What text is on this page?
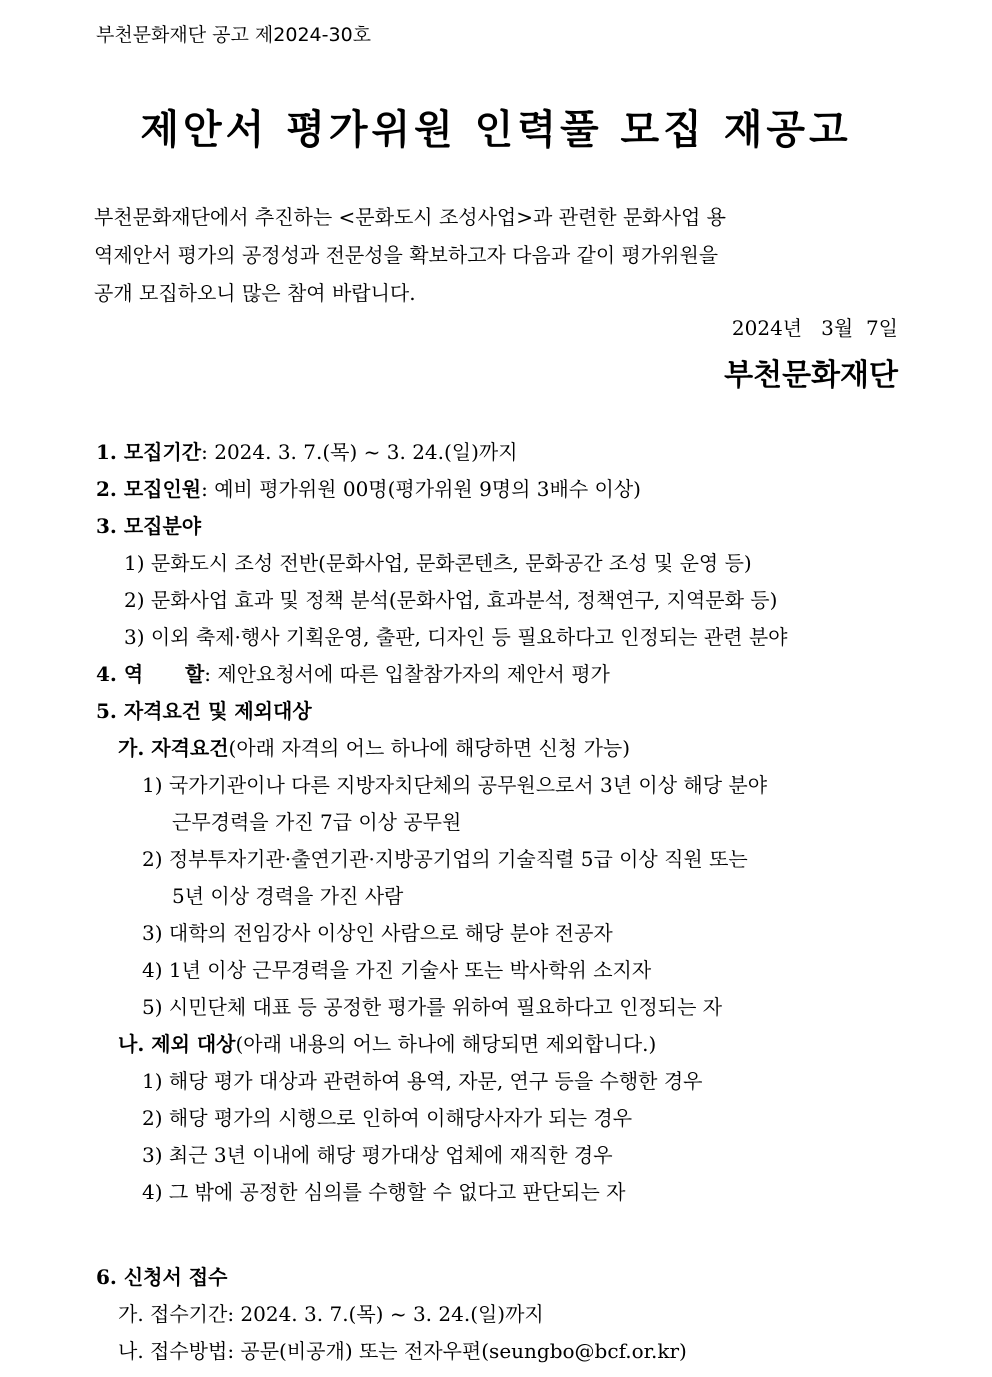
부천문화재단 공고 제2024-30호
제안서 평가위원 인력풀 모집 재공고
부천문화재단에서 추진하는 <문화도시 조성사업>과 관련한 문화사업 용
역제안서 평가의 공정성과 전문성을 확보하고자 다음과 같이 평가위원을
공개 모집하오니 많은 참여 바랍니다.
2024년   3월  7일
부천문화재단
1. 모집기간: 2024. 3. 7.(목) ~ 3. 24.(일)까지
2. 모집인원: 예비 평가위원 00명(평가위원 9명의 3배수 이상)
3. 모집분야
1) 문화도시 조성 전반(문화사업, 문화콘텐츠, 문화공간 조성 및 운영 등)
2) 문화사업 효과 및 정책 분석(문화사업, 효과분석, 정책연구, 지역문화 등)
3) 이외 축제·행사 기획운영, 출판, 디자인 등 필요하다고 인정되는 관련 분야
4. 역      할: 제안요청서에 따른 입찰참가자의 제안서 평가
5. 자격요건 및 제외대상
가. 자격요건(아래 자격의 어느 하나에 해당하면 신청 가능)
1) 국가기관이나 다른 지방자치단체의 공무원으로서 3년 이상 해당 분야
근무경력을 가진 7급 이상 공무원
2) 정부투자기관·출연기관·지방공기업의 기술직렬 5급 이상 직원 또는
5년 이상 경력을 가진 사람
3) 대학의 전임강사 이상인 사람으로 해당 분야 전공자
4) 1년 이상 근무경력을 가진 기술사 또는 박사학위 소지자
5) 시민단체 대표 등 공정한 평가를 위하여 필요하다고 인정되는 자
나. 제외 대상(아래 내용의 어느 하나에 해당되면 제외합니다.)
1) 해당 평가 대상과 관련하여 용역, 자문, 연구 등을 수행한 경우
2) 해당 평가의 시행으로 인하여 이해당사자가 되는 경우
3) 최근 3년 이내에 해당 평가대상 업체에 재직한 경우
4) 그 밖에 공정한 심의를 수행할 수 없다고 판단되는 자
6. 신청서 접수
가. 접수기간: 2024. 3. 7.(목) ~ 3. 24.(일)까지
나. 접수방법: 공문(비공개) 또는 전자우편(seungbo@bcf.or.kr)
